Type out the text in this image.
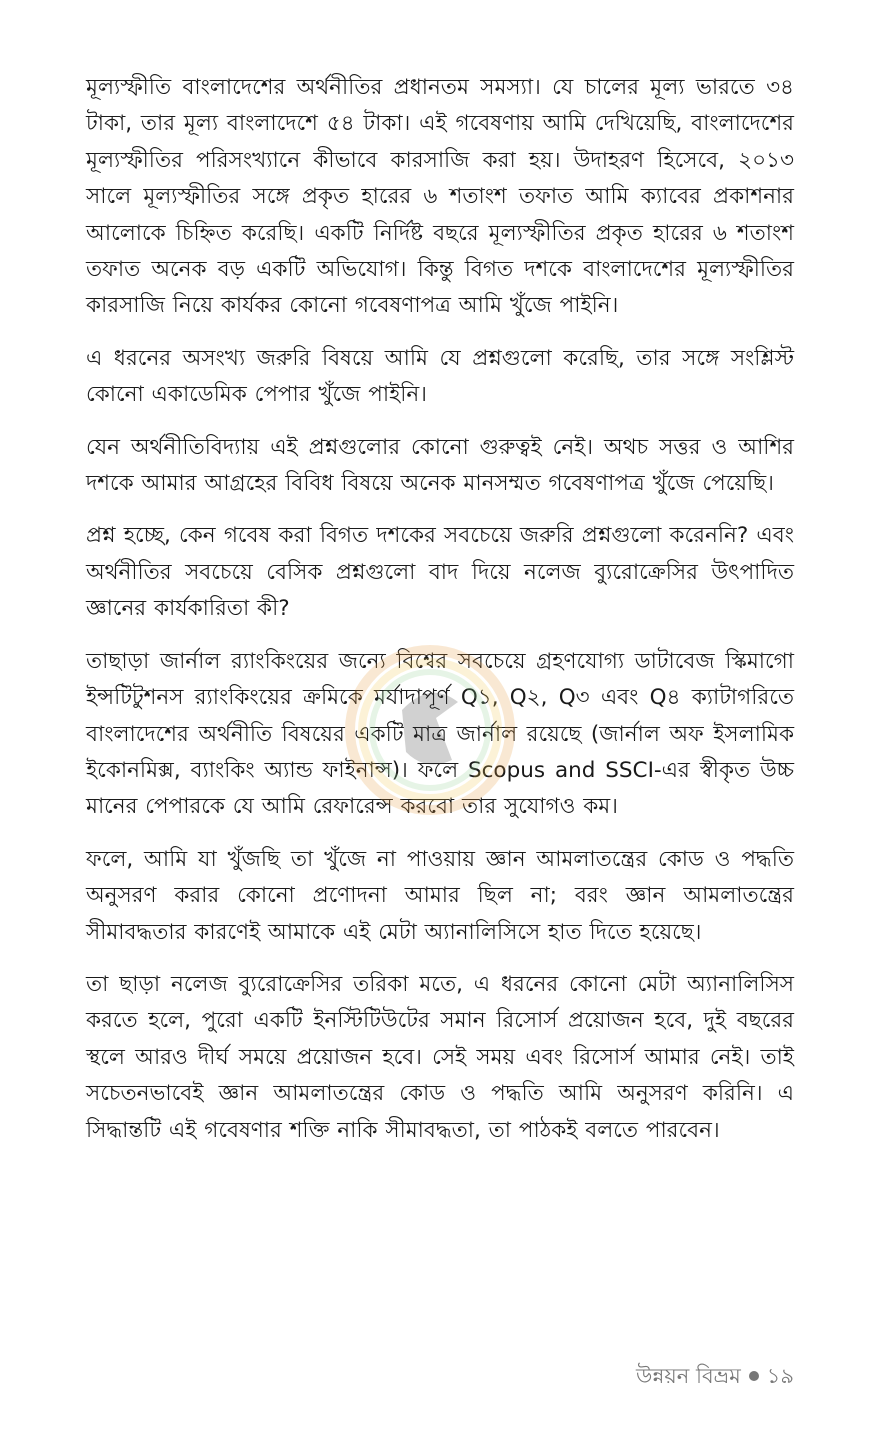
মূল্যস্ফীতি বাংলাদেশের অর্থনীতির প্রধানতম সমস্যা। যে চালের মূল্য ভারতে ৩৪ টাকা, তার মূল্য বাংলাদেশে ৫৪ টাকা। এই গবেষণায় আমি দেখিয়েছি, বাংলাদেশের মূল্যস্ফীতির পরিসংখ্যানে কীভাবে কারসাজি করা হয়। উদাহরণ হিসেবে, ২০১৩ সালে মূল্যস্ফীতির সঙ্গে প্রকৃত হারের ৬ শতাংশ তফাত আমি ক্যাবের প্রকাশনার আলোকে চিহ্নিত করেছি। একটি নির্দিষ্ট বছরে মূল্যস্ফীতির প্রকৃত হারের ৬ শতাংশ তফাত অনেক বড় একটি অভিযোগ। কিন্তু বিগত দশকে বাংলাদেশের মূল্যস্ফীতির কারসাজি নিয়ে কার্যকর কোনো গবেষণাপত্র আমি খুঁজে পাইনি।

এ ধরনের অসংখ্য জরুরি বিষয়ে আমি যে প্রশ্নগুলো করেছি, তার সঙ্গে সংশ্লিস্ট কোনো একাডেমিক পেপার খুঁজে পাইনি।

যেন অর্থনীতিবিদ্যায় এই প্রশ্নগুলোর কোনো গুরুত্বই নেই। অথচ সত্তর ও আশির দশকে আমার আগ্রহের বিবিধ বিষয়ে অনেক মানসম্মত গবেষণাপত্র খুঁজে পেয়েছি।

প্রশ্ন হচ্ছে, কেন গবেষ করা বিগত দশকের সবচেয়ে জরুরি প্রশ্নগুলো করেননি? এবং অর্থনীতির সবচেয়ে বেসিক প্রশ্নগুলো বাদ দিয়ে নলেজ ব্যুরোক্রেসির উৎপাদিত জ্ঞানের কার্যকারিতা কী?

তাছাড়া জার্নাল র‍্যাংকিংয়ের জন্যে বিশ্বের সবচেয়ে গ্রহণযোগ্য ডাটাবেজ স্কিমাগো ইন্সটিটুশনস র‍্যাংকিংয়ের ক্রমিকে মর্যাদাপূর্ণ Q১, Q২, Q৩ এবং Q৪ ক্যাটাগরিতে বাংলাদেশের অর্থনীতি বিষয়ের একটি মাত্র জার্নাল রয়েছে (জার্নাল অফ ইসলামিক ইকোনমিক্স, ব্যাংকিং অ্যান্ড ফাইনান্স)। ফলে Scopus and SSCI-এর স্বীকৃত উচ্চ মানের পেপারকে যে আমি রেফারেন্স করবো তার সুযোগও কম।

ফলে, আমি যা খুঁজছি তা খুঁজে না পাওয়ায় জ্ঞান আমলাতন্ত্রের কোড ও পদ্ধতি অনুসরণ করার কোনো প্রণোদনা আমার ছিল না; বরং জ্ঞান আমলাতন্ত্রের সীমাবদ্ধতার কারণেই আমাকে এই মেটা অ্যানালিসিসে হাত দিতে হয়েছে।

তা ছাড়া নলেজ ব্যুরোক্রেসির তরিকা মতে, এ ধরনের কোনো মেটা অ্যানালিসিস করতে হলে, পুরো একটি ইনস্টিটিউটের সমান রিসোর্স প্রয়োজন হবে, দুই বছরের স্থলে আরও দীর্ঘ সময়ে প্রয়োজন হবে। সেই সময় এবং রিসোর্স আমার নেই। তাই সচেতনভাবেই জ্ঞান আমলাতন্ত্রের কোড ও পদ্ধতি আমি অনুসরণ করিনি। এ সিদ্ধান্তটি এই গবেষণার শক্তি নাকি সীমাবদ্ধতা, তা পাঠকই বলতে পারবেন।

উন্নয়ন বিভ্রম ১৯
